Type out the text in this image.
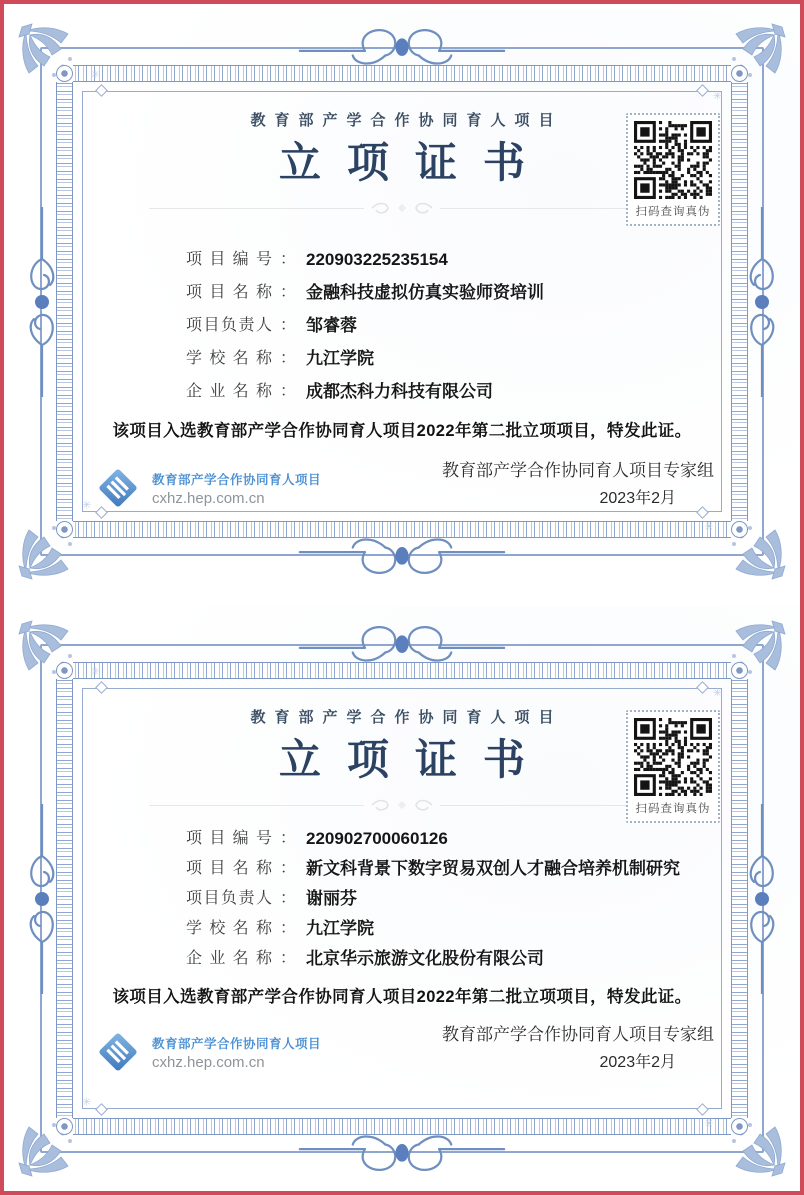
✳
✳
✳
✳
教育部产学合作协同育人项目
立项证书
扫码查询真伪
项目编号 ： 220903225235154
项目名称 ： 金融科技虚拟仿真实验师资培训
项目负责人 ： 邹睿蓉
学校名称 ： 九江学院
企业名称 ： 成都杰科力科技有限公司

该项目入选教育部产学合作协同育人项目2022年第二批立项项目，特发此证。

教育部产学合作协同育人项目
cxhz.hep.com.cn
教育部产学合作协同育人项目专家组
2023年2月
✳
✳
✳
✳
教育部产学合作协同育人项目
立项证书
扫码查询真伪
项目编号 ： 220902700060126
项目名称 ： 新文科背景下数字贸易双创人才融合培养机制研究
项目负责人 ： 谢丽芬
学校名称 ： 九江学院
企业名称 ： 北京华示旅游文化股份有限公司

该项目入选教育部产学合作协同育人项目2022年第二批立项项目，特发此证。

教育部产学合作协同育人项目
cxhz.hep.com.cn
教育部产学合作协同育人项目专家组
2023年2月
